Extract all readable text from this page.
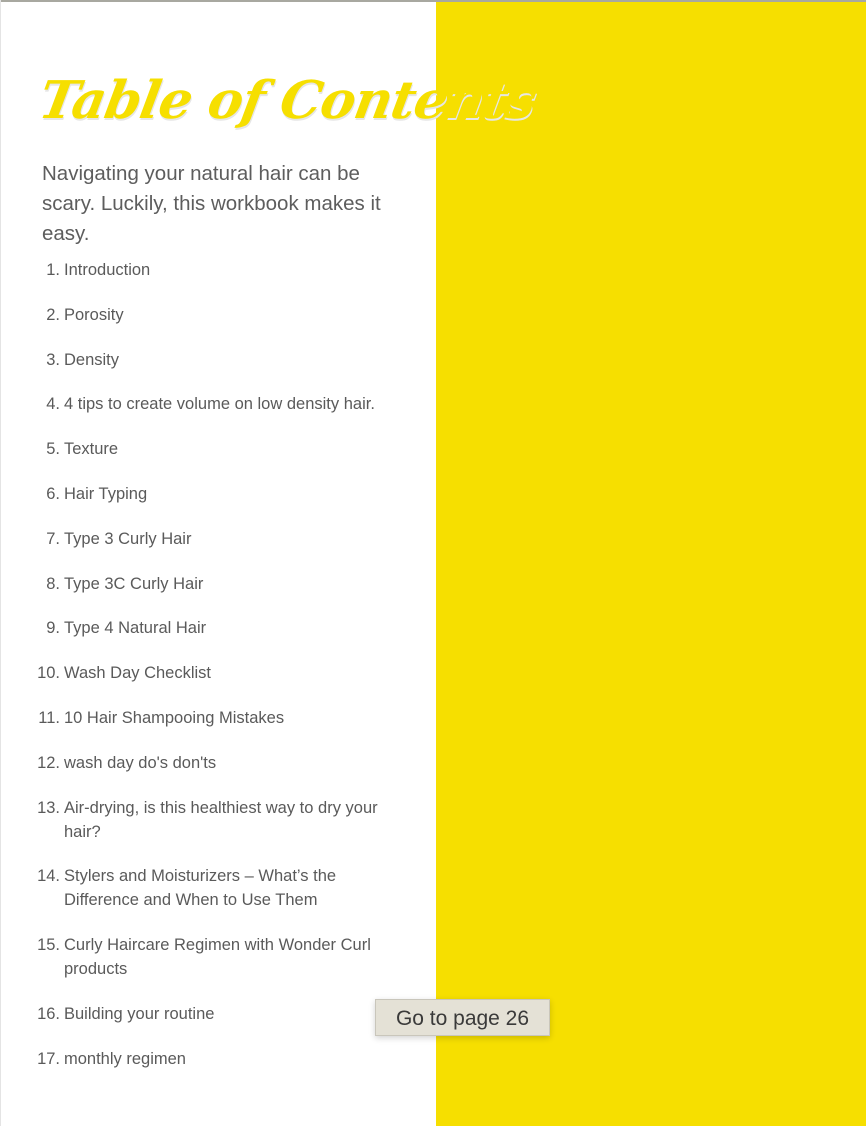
Table of Contents
Navigating your natural hair can be scary. Luckily, this workbook makes it easy.
1. Introduction
2. Porosity
3. Density
4. 4 tips to create volume on low density hair.
5. Texture
6. Hair Typing
7. Type 3 Curly Hair
8. Type 3C Curly Hair
9. Type 4 Natural Hair
10. Wash Day Checklist
11. 10 Hair Shampooing Mistakes
12. wash day do's don'ts
13. Air-drying, is this healthiest way to dry your hair?
14. Stylers and Moisturizers – What’s the Difference and When to Use Them
15. Curly Haircare Regimen with Wonder Curl products
16. Building your routine
17. monthly regimen
Go to page 26
